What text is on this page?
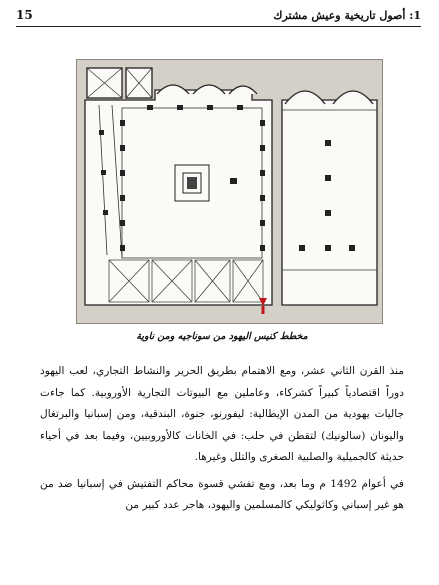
1: أصول تاريخية وعيش مشترك
15
مخطط كنيس اليهود من سوناجيه ومن ناوية

منذ القرن الثاني عشر، ومع الاهتمام بطريق الحرير والنشاط التجاري، لعب اليهود دوراً اقتصادياً كبيراً كشركاء، وعاملين مع البيوتات التجارية الأوروبية. كما جاءت جاليات يهودية من المدن الإيطالية: ليفورنو، جنوة، البندقية، ومن إسبانيا والبرتغال واليونان (سالونيك) لتقطن في حلب: في الخانات كالأوروبيين، وفيما بعد في أحياء حديثة كالجميلية والصلبية الصغرى والتلل وغيرها.

في أعوام 1492 م وما بعد، ومع تفشي قسوة محاكم التفتيش في إسبانيا ضد من هو غير إسباني وكاثوليكي كالمسلمين واليهود، هاجر عدد كبير من
